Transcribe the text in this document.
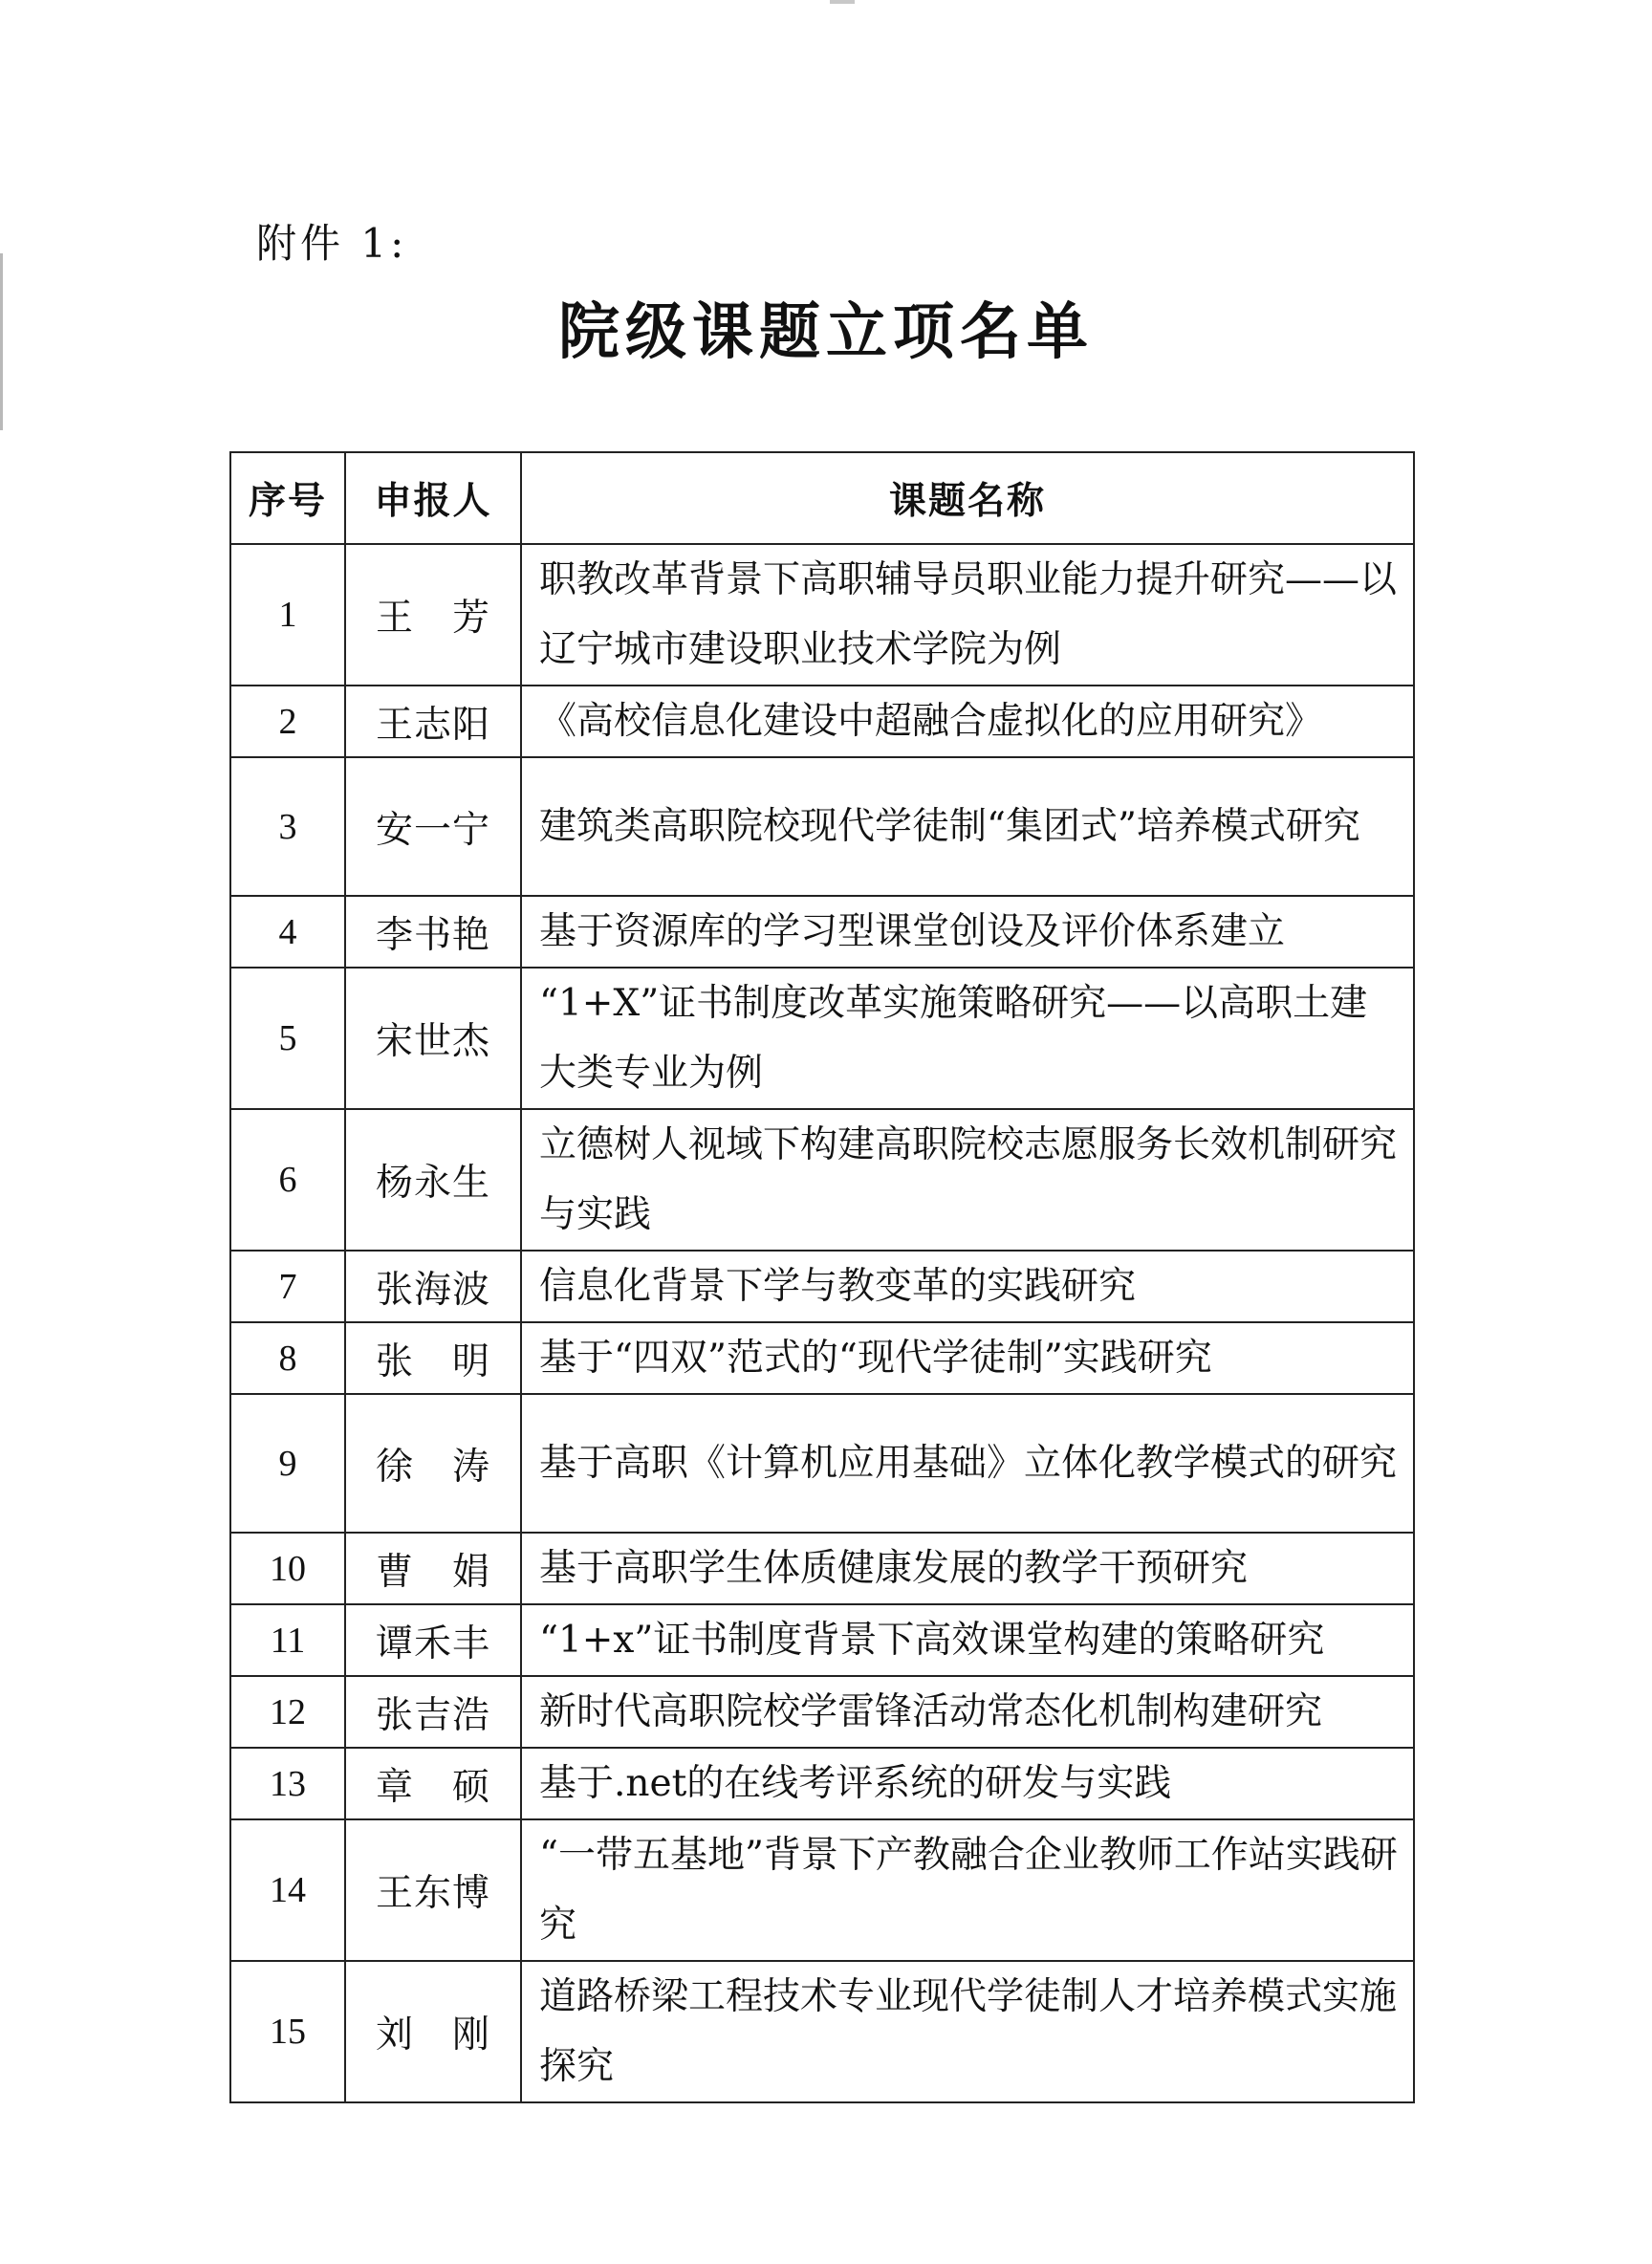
附件 1:
院级课题立项名单
序号	申报人	课题名称
1	王　芳	职教改革背景下高职辅导员职业能力提升研究——以辽宁城市建设职业技术学院为例
2	王志阳	《高校信息化建设中超融合虚拟化的应用研究》
3	安一宁	建筑类高职院校现代学徒制“集团式”培养模式研究
4	李书艳	基于资源库的学习型课堂创设及评价体系建立
5	宋世杰	“1+X”证书制度改革实施策略研究——以高职土建大类专业为例
6	杨永生	立德树人视域下构建高职院校志愿服务长效机制研究与实践
7	张海波	信息化背景下学与教变革的实践研究
8	张　明	基于“四双”范式的“现代学徒制”实践研究
9	徐　涛	基于高职《计算机应用基础》立体化教学模式的研究
10	曹　娟	基于高职学生体质健康发展的教学干预研究
11	谭禾丰	“1+x”证书制度背景下高效课堂构建的策略研究
12	张吉浩	新时代高职院校学雷锋活动常态化机制构建研究
13	章　硕	基于.net的在线考评系统的研发与实践
14	王东博	“一带五基地”背景下产教融合企业教师工作站实践研究
15	刘　刚	道路桥梁工程技术专业现代学徒制人才培养模式实施探究
